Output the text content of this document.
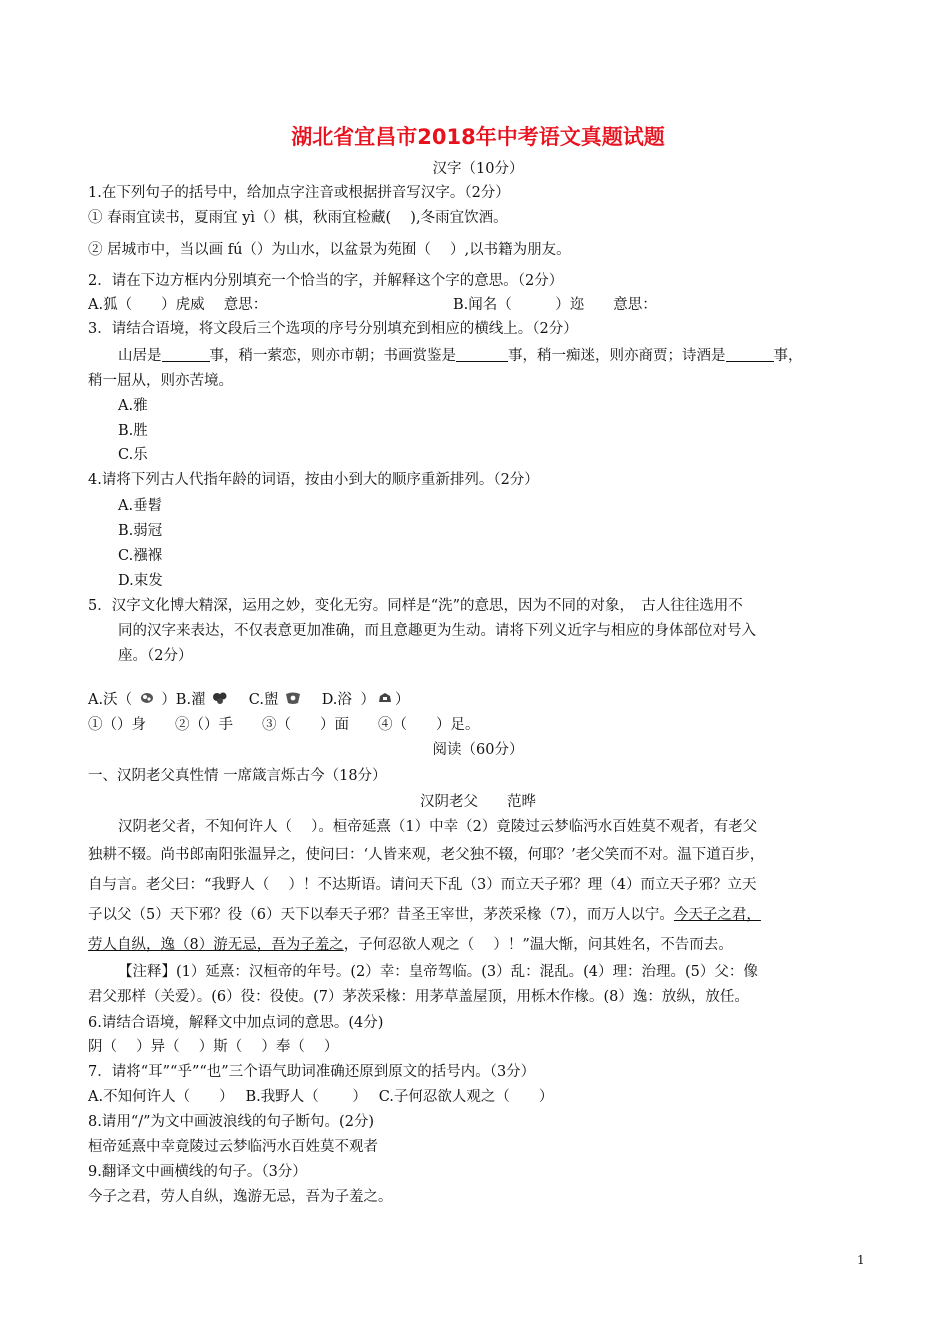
湖北省宜昌市2018年中考语文真题试题
汉字（10分）
1.在下列句子的括号中，给加点字注音或根据拼音写汉字。（2分）
① 春雨宜读书，夏雨宜 yì（）棋，秋雨宜检藏(　 ),冬雨宜饮酒。
② 居城市中，当以画 fú（）为山水，以盆景为苑囿（　 ）,以书籍为朋友。
2．请在下边方框内分别填充一个恰当的字，并解释这个字的意思。（2分）
A.狐（　　）虎威　 意思：	B.闻名（　　　）迩　　意思：
3．请结合语境，将文段后三个选项的序号分别填充到相应的横线上。（2分）
山居是	事，稍一萦恋，则亦市朝；书画赏鉴是	事，稍一痴迷，则亦商贾；诗酒是	事，
稍一屈从，则亦苦境。
A.雅
B.胜
C.乐
4.请将下列古人代指年龄的词语，按由小到大的顺序重新排列。（2分）
A.垂髫
B.弱冠
C.襁褓
D.束发
5．汉字文化博大精深，运用之妙，变化无穷。同样是“洗”的意思，因为不同的对象，　古人往往选用不
同的汉字来表达，不仅表意更加准确，而且意趣更为生动。请将下列义近字与相应的身体部位对号入
座。（2分）
A.沃（ ）B.濯	C.盥	D.浴 ） ）
①（）身　　②（）手　　③（　　）面　　④（　　）足。
阅读（60分）
一、汉阴老父真性情 一席箴言烁古今（18分）
汉阴老父　　范晔
汉阴老父者，不知何许人（　 ）。桓帝延熹（1）中幸（2）竟陵过云梦临沔水百姓莫不观者，有老父
独耕不辍。尚书郎南阳张温异之，使问曰：‘人皆来观，老父独不辍，何耶？’老父笑而不对。温下道百步，
自与言。老父曰：“我野人（　 ）！不达斯语。请问天下乱（3）而立天子邪？理（4）而立天子邪？立天
子以父（5）天下邪？役（6）天下以奉天子邪？昔圣王宰世，茅茨采椽（7），而万人以宁。今天子之君，
劳人自纵，逸（8）游无忌，吾为子羞之，子何忍欲人观之（　 ）！”温大惭，问其姓名，不告而去。
【注释】(1）延熹：汉桓帝的年号。(2）幸：皇帝驾临。(3）乱：混乱。(4）理：治理。(5）父：像
君父那样（关爱）。(6）役：役使。(7）茅茨采椽：用茅草盖屋顶，用栎木作椽。(8）逸：放纵，放任。
6.请结合语境，解释文中加点词的意思。(4分)
阴（　 ）异（　 ）斯（　 ）奉（　 ）
7．请将“耳”“乎”“也”三个语气助词准确还原到原文的括号内。（3分）
A.不知何许人（　　）　 B.我野人（　　 ）　 C.子何忍欲人观之（　　）
8.请用“/”为文中画波浪线的句子断句。(2分)
桓帝延熹中幸竟陵过云梦临沔水百姓莫不观者
9.翻译文中画横线的句子。（3分）
今子之君，劳人自纵，逸游无忌，吾为子羞之。
1
